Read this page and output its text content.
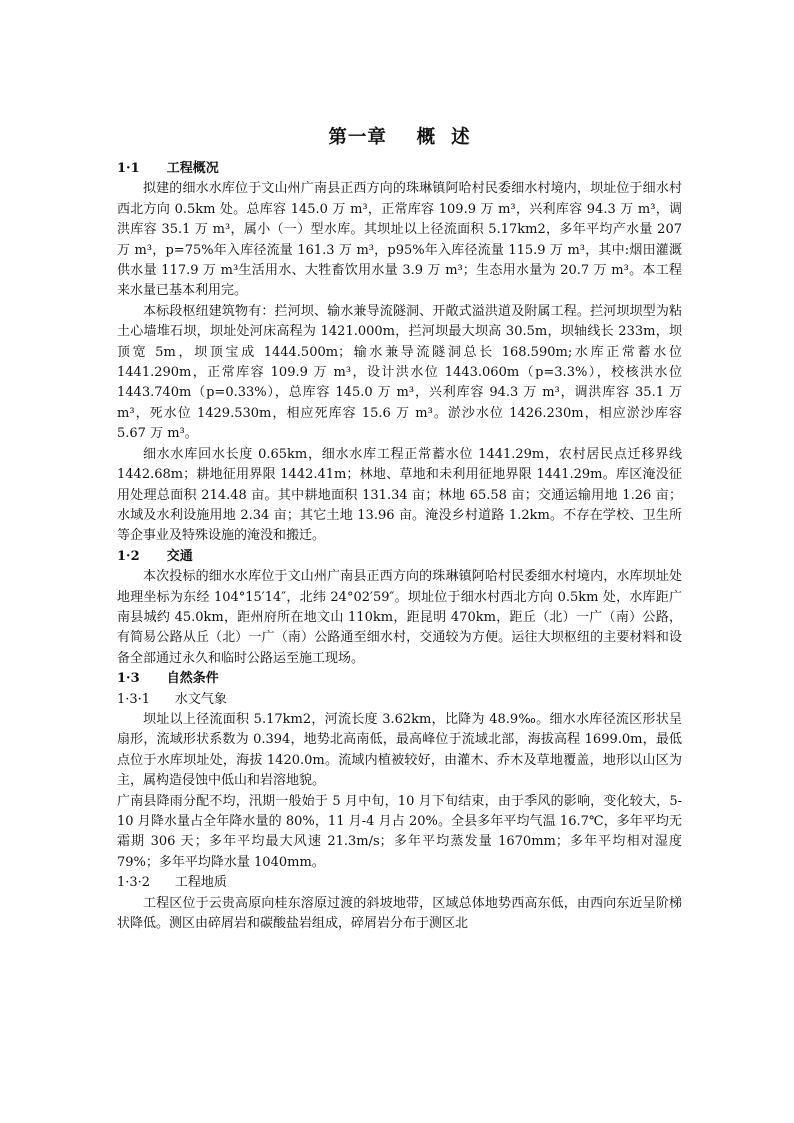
第一章    概  述
1·1      工程概况

拟建的细水水库位于文山州广南县正西方向的珠琳镇阿哈村民委细水村境内，坝址位于细水村西北方向 0.5km 处。总库容 145.0 万 m³，正常库容 109.9 万 m³，兴利库容 94.3 万 m³，调洪库容 35.1 万 m³，属小（一）型水库。其坝址以上径流面积 5.17km2，多年平均产水量 207 万 m³，p=75%年入库径流量 161.3 万 m³，p95%年入库径流量 115.9 万 m³，其中:烟田灌溉供水量 117.9 万 m³生活用水、大牲畜饮用水量 3.9 万 m³；生态用水量为 20.7 万 m³。本工程来水量已基本利用完。

本标段枢纽建筑物有：拦河坝、输水兼导流隧洞、开敞式溢洪道及附属工程。拦河坝坝型为粘土心墙堆石坝，坝址处河床高程为 1421.000m，拦河坝最大坝高 30.5m，坝轴线长 233m，坝顶宽 5m，坝顶宝成 1444.500m；输水兼导流隧洞总长 168.590m;水库正常蓄水位 1441.290m，正常库容 109.9 万 m³，设计洪水位 1443.060m（p=3.3%），校核洪水位 1443.740m（p=0.33%），总库容 145.0 万 m³，兴利库容 94.3 万 m³，调洪库容 35.1 万 m³，死水位 1429.530m，相应死库容 15.6 万 m³。淤沙水位 1426.230m，相应淤沙库容 5.67 万 m³。

细水水库回水长度 0.65km，细水水库工程正常蓄水位 1441.29m，农村居民点迁移界线 1442.68m；耕地征用界限 1442.41m；林地、草地和未利用征地界限 1441.29m。库区淹没征用处理总面积 214.48 亩。其中耕地面积 131.34 亩；林地 65.58 亩；交通运输用地 1.26 亩；水域及水利设施用地 2.34 亩；其它土地 13.96 亩。淹没乡村道路 1.2km。不存在学校、卫生所等企事业及特殊设施的淹没和搬迁。

1·2      交通

本次投标的细水水库位于文山州广南县正西方向的珠琳镇阿哈村民委细水村境内，水库坝址处地理坐标为东经 104°15′14″，北纬 24°02′59″。坝址位于细水村西北方向 0.5km 处，水库距广南县城约 45.0km，距州府所在地文山 110km，距昆明 470km，距丘（北）一广（南）公路，有简易公路从丘（北）一广（南）公路通至细水村，交通较为方便。运往大坝枢纽的主要材料和设备全部通过永久和临时公路运至施工现场。

1·3      自然条件
1·3·1      水文气象

坝址以上径流面积 5.17km2，河流长度 3.62km，比降为 48.9‰。细水水库径流区形状呈扇形，流域形状系数为 0.394，地势北高南低，最高峰位于流域北部，海拔高程 1699.0m，最低点位于水库坝址处，海拔 1420.0m。流域内植被较好，由灌木、乔木及草地覆盖，地形以山区为主，属构造侵蚀中低山和岩溶地貌。

广南县降雨分配不均，汛期一般始于 5 月中旬，10 月下旬结束，由于季风的影响，变化较大，5-10 月降水量占全年降水量的 80%，11 月-4 月占 20%。全县多年平均气温 16.7℃，多年平均无霜期 306 天；多年平均最大风速 21.3m/s；多年平均蒸发量 1670mm；多年平均相对湿度 79%；多年平均降水量 1040mm。

1·3·2      工程地质

工程区位于云贵高原向桂东溶原过渡的斜坡地带，区域总体地势西高东低，由西向东近呈阶梯状降低。测区由碎屑岩和碳酸盐岩组成，碎屑岩分布于测区北
